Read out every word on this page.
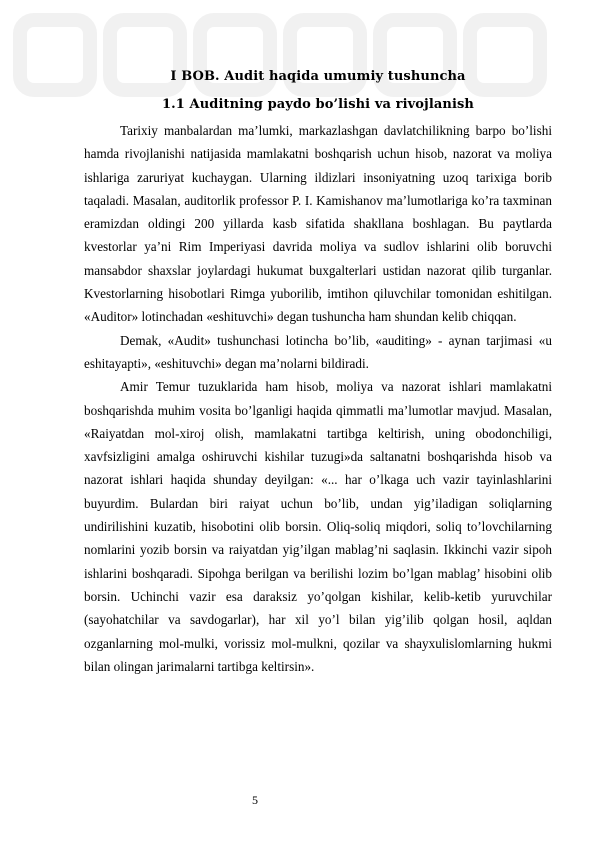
I BOB. Audit haqida umumiy tushuncha
1.1 Auditning paydo bo’lishi va rivojlanish

Tarixiy manbalardan ma’lumki, markazlashgan davlatchilikning barpo bo’lishi hamda rivojlanishi natijasida mamlakatni boshqarish uchun hisob, nazorat va moliya ishlariga zaruriyat kuchaygan. Ularning ildizlari insoniyatning uzoq tarixiga borib taqaladi. Masalan, auditorlik professor P. I. Kamishanov ma’lumotlariga ko’ra taxminan eramizdan oldingi 200 yillarda kasb sifatida shakllana boshlagan. Bu paytlarda kvestorlar ya’ni Rim Imperiyasi davrida moliya va sudlov ishlarini olib boruvchi mansabdor shaxslar joylardagi hukumat buxgalterlari ustidan nazorat qilib turganlar. Kvestorlarning hisobotlari Rimga yuborilib, imtihon qiluvchilar tomonidan eshitilgan. «Auditor» lotinchadan «eshituvchi» degan tushuncha ham shundan kelib chiqqan.

Demak, «Audit» tushunchasi lotincha bo’lib, «auditing» - aynan tarjimasi «u eshitayapti», «eshituvchi» degan ma’nolarni bildiradi.

Amir Temur tuzuklarida ham hisob, moliya va nazorat ishlari mamlakatni boshqarishda muhim vosita bo’lganligi haqida qimmatli ma’lumotlar mavjud. Masalan, «Raiyatdan mol-xiroj olish, mamlakatni tartibga keltirish, uning obodonchiligi, xavfsizligini amalga oshiruvchi kishilar tuzugi»da saltanatni boshqarishda hisob va nazorat ishlari haqida shunday deyilgan: «... har o’lkaga uch vazir tayinlashlarini buyurdim. Bulardan biri raiyat uchun bo’lib, undan yig’iladigan soliqlarning undirilishini kuzatib, hisobotini olib borsin. Oliq-soliq miqdori, soliq to’lovchilarning nomlarini yozib borsin va raiyatdan yig’ilgan mablag’ni saqlasin. Ikkinchi vazir sipoh ishlarini boshqaradi. Sipohga berilgan va berilishi lozim bo’lgan mablag’ hisobini olib borsin. Uchinchi vazir esa daraksiz yo’qolgan kishilar, kelib-ketib yuruvchilar (sayohatchilar va savdogarlar), har xil yo’l bilan yig’ilib qolgan hosil, aqldan ozganlarning mol-mulki, vorissiz mol-mulkni, qozilar va shayxulislomlarning hukmi bilan olingan jarimalarni tartibga keltirsin».

5
